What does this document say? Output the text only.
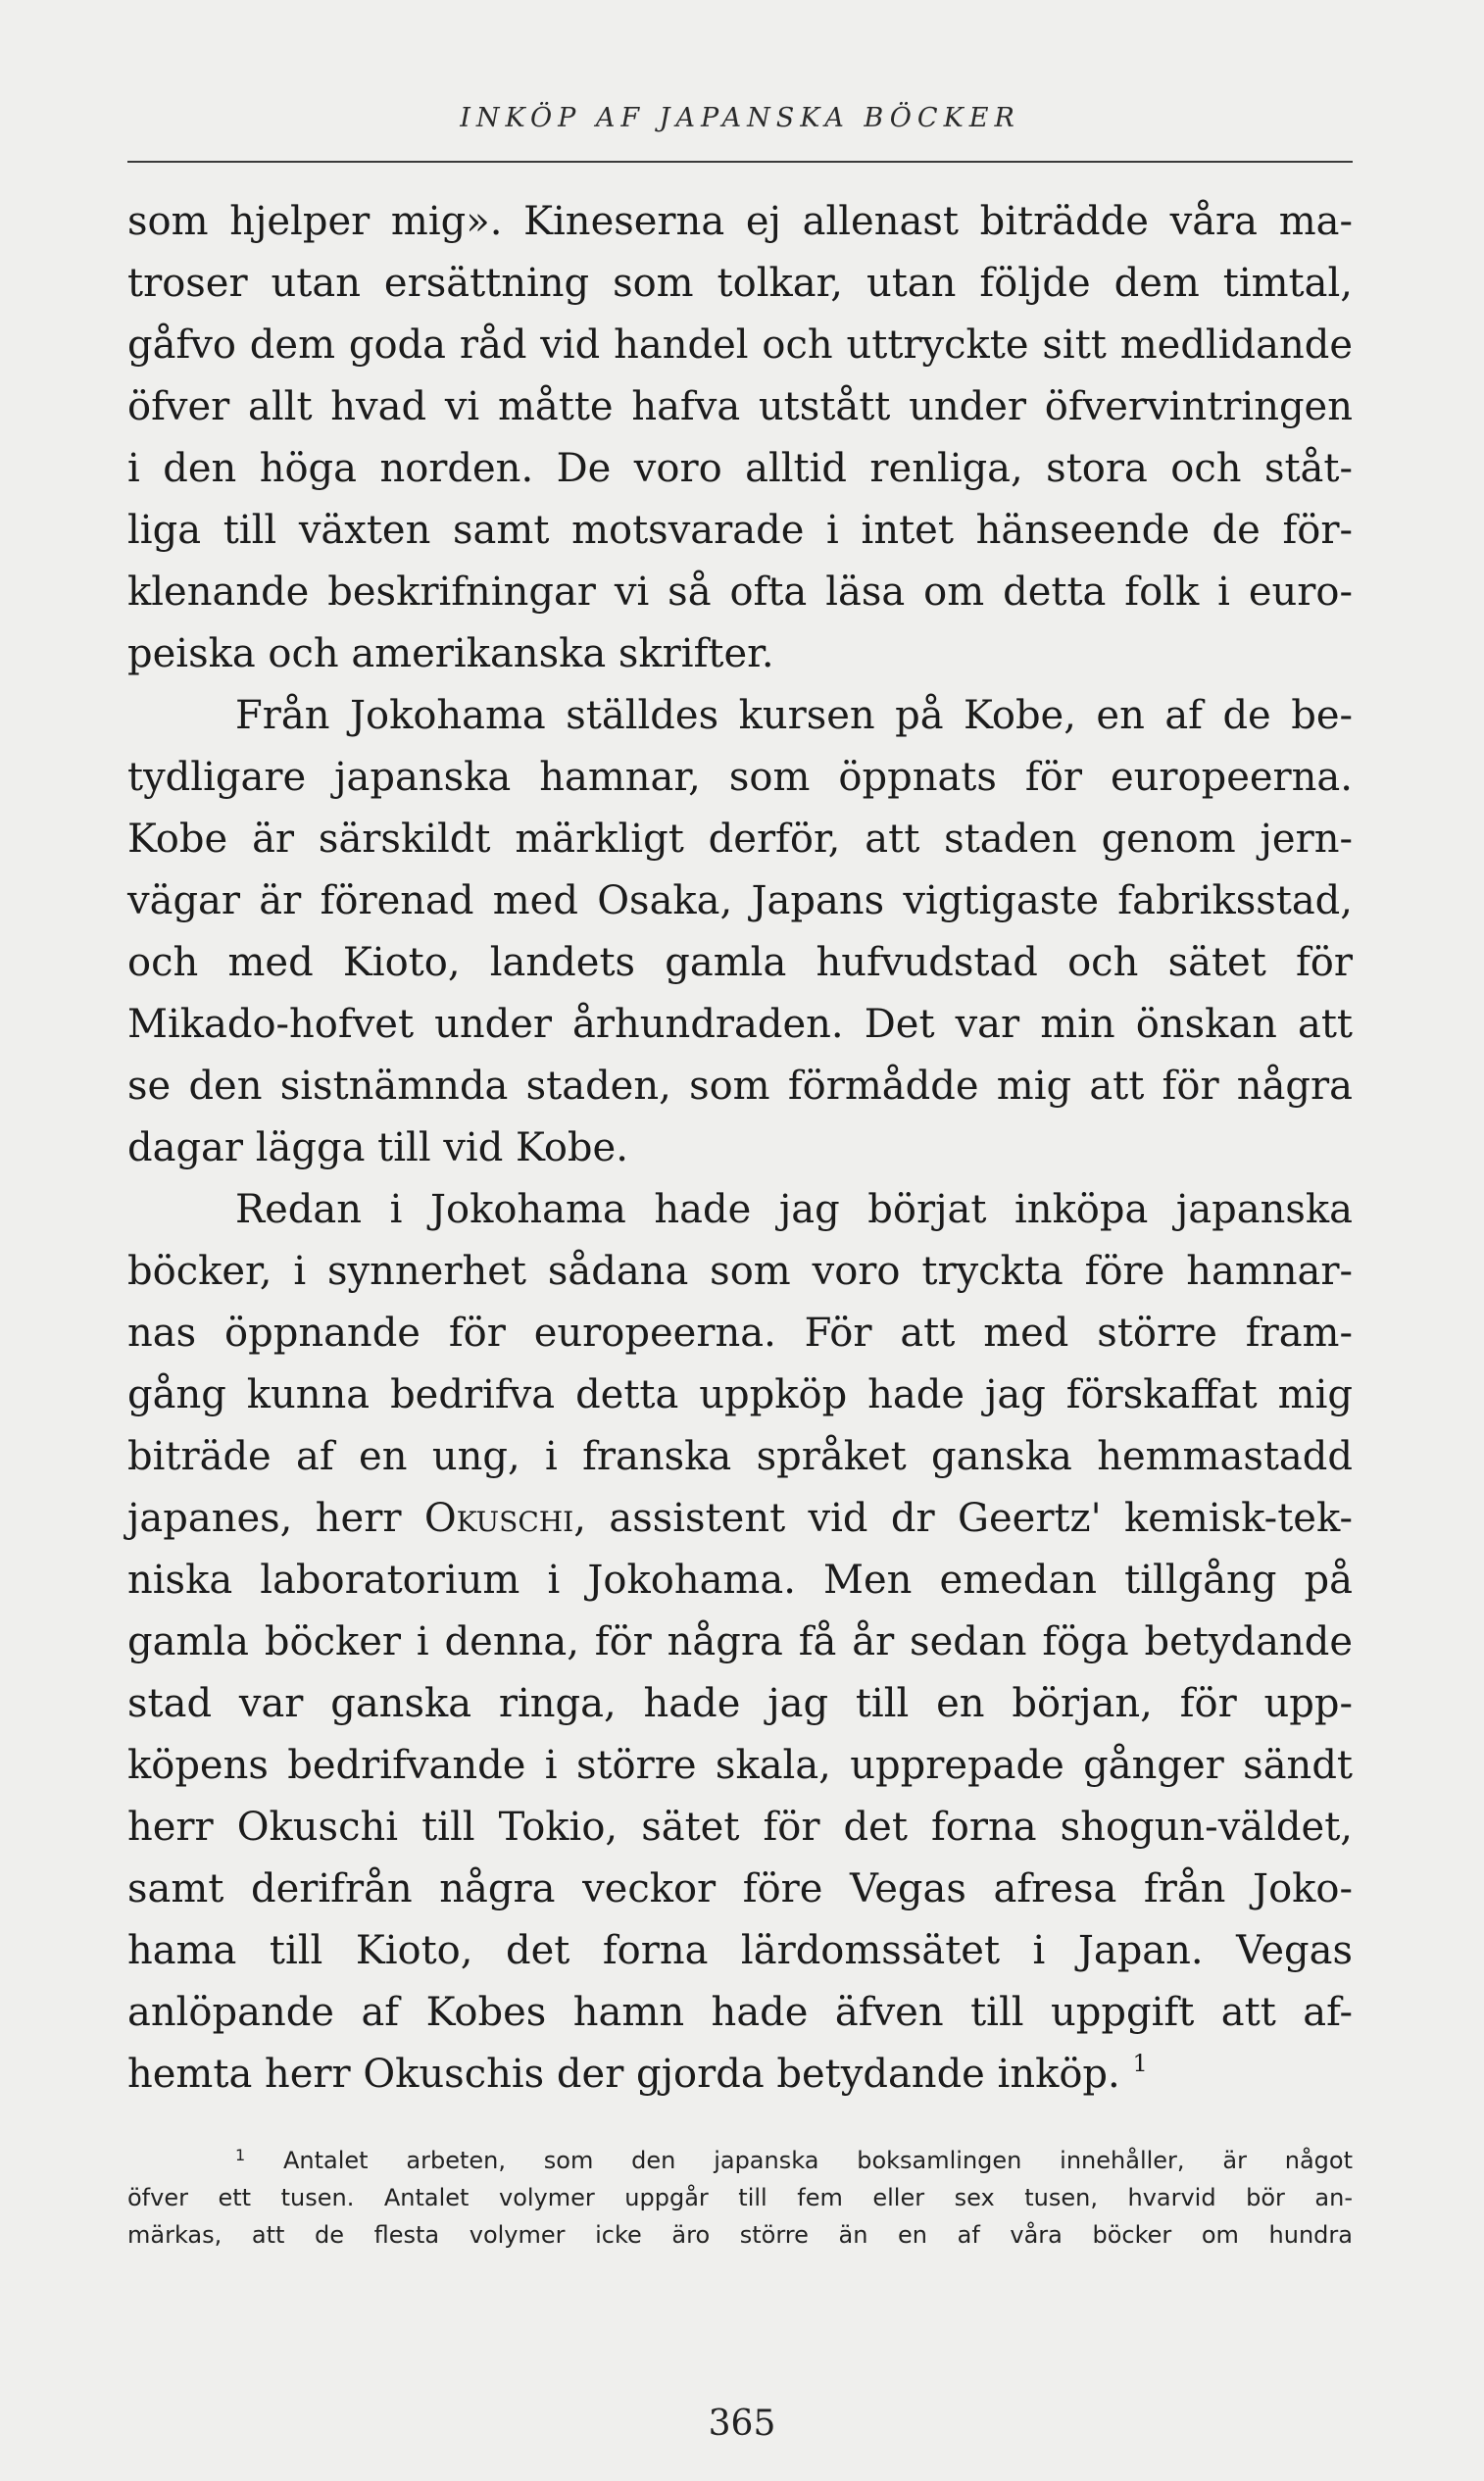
INKÖP AF JAPANSKA BÖCKER
som hjelper mig». Kineserna ej allenast biträdde våra ma-
troser utan ersättning som tolkar, utan följde dem timtal,
gåfvo dem goda råd vid handel och uttryckte sitt medlidande
öfver allt hvad vi måtte hafva utstått under öfvervintringen
i den höga norden. De voro alltid renliga, stora och ståt-
liga till växten samt motsvarade i intet hänseende de för-
klenande beskrifningar vi så ofta läsa om detta folk i euro-
peiska och amerikanska skrifter.
Från Jokohama ställdes kursen på Kobe, en af de be-
tydligare japanska hamnar, som öppnats för europeerna.
Kobe är särskildt märkligt derför, att staden genom jern-
vägar är förenad med Osaka, Japans vigtigaste fabriksstad,
och med Kioto, landets gamla hufvudstad och sätet för
Mikado-hofvet under århundraden. Det var min önskan att
se den sistnämnda staden, som förmådde mig att för några
dagar lägga till vid Kobe.
Redan i Jokohama hade jag börjat inköpa japanska
böcker, i synnerhet sådana som voro tryckta före hamnar-
nas öppnande för europeerna. För att med större fram-
gång kunna bedrifva detta uppköp hade jag förskaffat mig
biträde af en ung, i franska språket ganska hemmastadd
japanes, herr Okuschi, assistent vid dr Geertz' kemisk-tek-
niska laboratorium i Jokohama. Men emedan tillgång på
gamla böcker i denna, för några få år sedan föga betydande
stad var ganska ringa, hade jag till en början, för upp-
köpens bedrifvande i större skala, upprepade gånger sändt
herr Okuschi till Tokio, sätet för det forna shogun-väldet,
samt derifrån några veckor före Vegas afresa från Joko-
hama till Kioto, det forna lärdomssätet i Japan. Vegas
anlöpande af Kobes hamn hade äfven till uppgift att af-
hemta herr Okuschis der gjorda betydande inköp. $^1$
$^1$ Antalet arbeten, som den japanska boksamlingen innehåller, är något
öfver ett tusen. Antalet volymer uppgår till fem eller sex tusen, hvarvid bör an-
märkas, att de flesta volymer icke äro större än en af våra böcker om hundra
365
